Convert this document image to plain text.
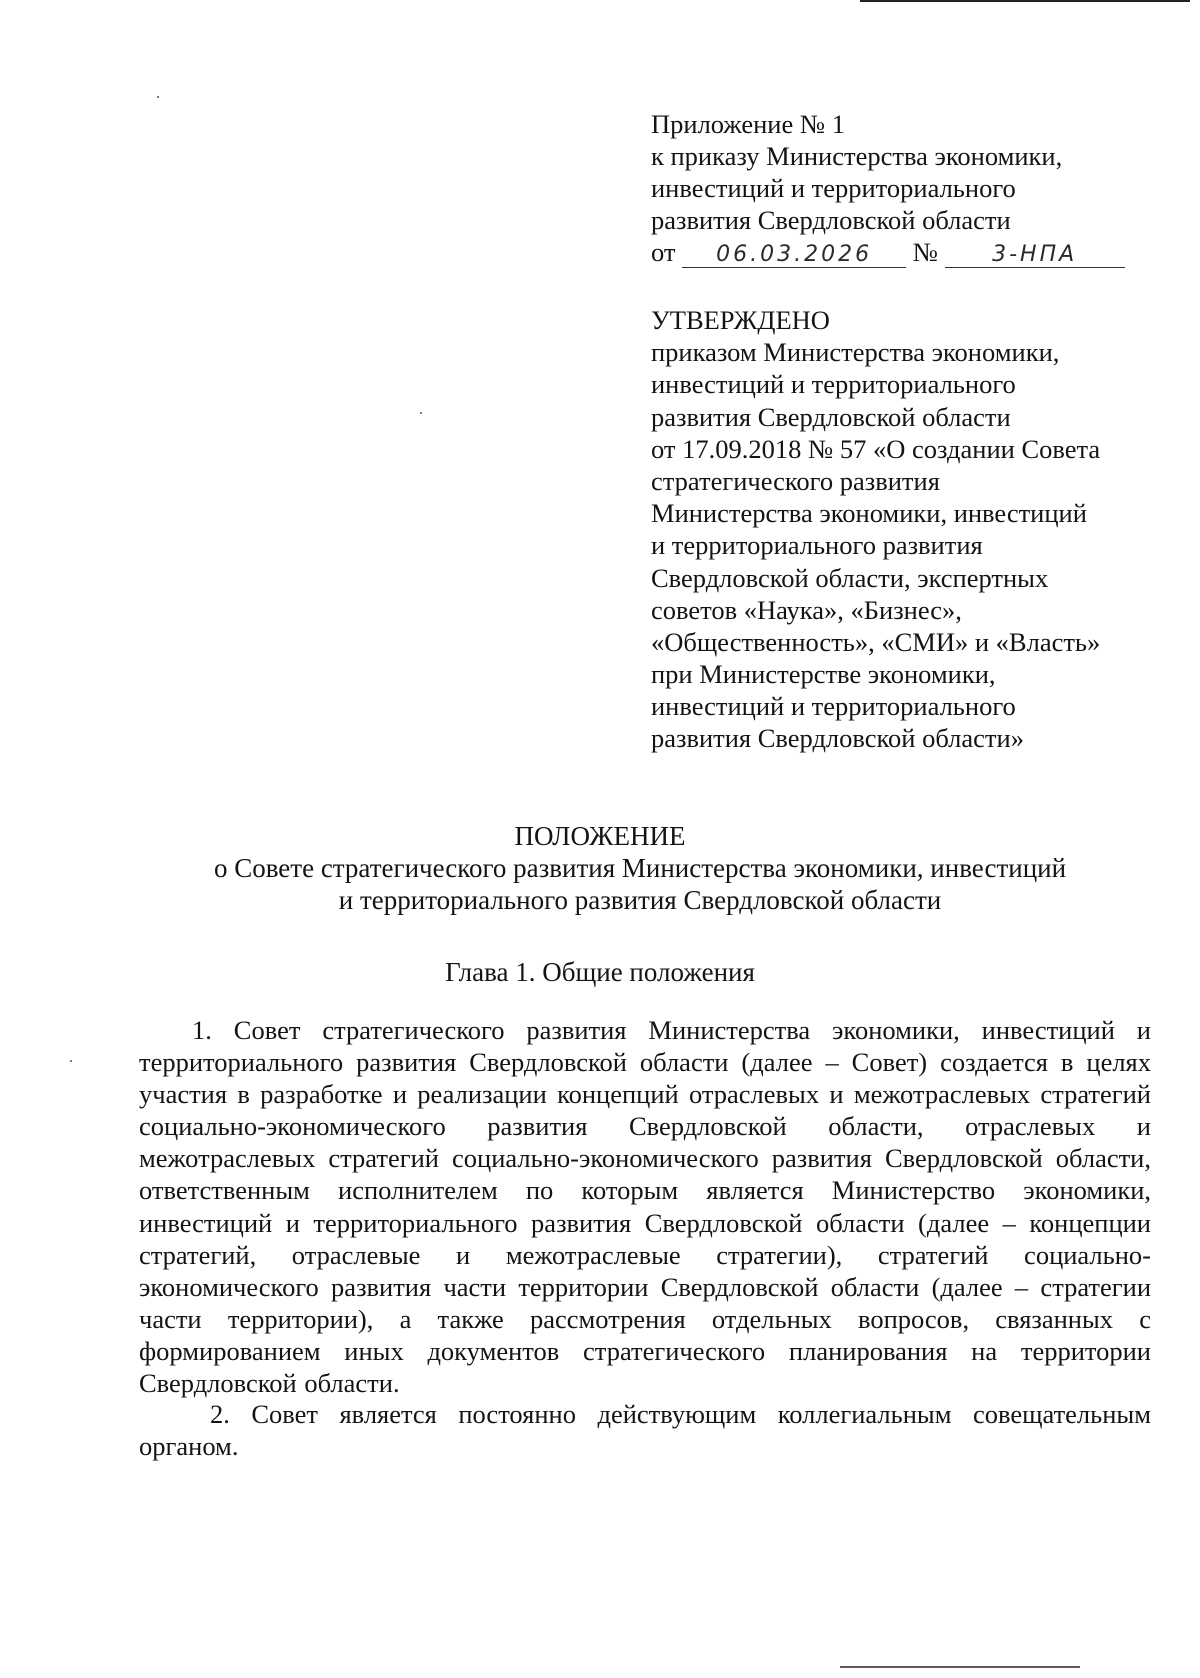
Приложение № 1
к приказу Министерства экономики,
инвестиций и территориального
развития Свердловской области
от 06.03.2026 № 3-НПА
УТВЕРЖДЕНО
приказом Министерства экономики,
инвестиций и территориального
развития Свердловской области
от 17.09.2018 № 57 «О создании Совета
стратегического развития
Министерства экономики, инвестиций
и территориального развития
Свердловской области, экспертных
советов «Наука», «Бизнес»,
«Общественность», «СМИ» и «Власть»
при Министерстве экономики,
инвестиций и территориального
развития Свердловской области»
ПОЛОЖЕНИЕ
о Совете стратегического развития Министерства экономики, инвестиций
и территориального развития Свердловской области
Глава 1. Общие положения
1. Совет стратегического развития Министерства экономики, инвестиций и территориального развития Свердловской области (далее – Совет) создается в целях участия в разработке и реализации концепций отраслевых и межотраслевых стратегий социально-экономического развития Свердловской области, отраслевых и межотраслевых стратегий социально-экономического развития Свердловской области, ответственным исполнителем по которым является Министерство экономики, инвестиций и территориального развития Свердловской области (далее – концепции стратегий, отраслевые и межотраслевые стратегии), стратегий социально-экономического развития части территории Свердловской области (далее – стратегии части территории), а также рассмотрения отдельных вопросов, связанных с формированием иных документов стратегического планирования на территории Свердловской области.
2. Совет является постоянно действующим коллегиальным совещательным органом.
